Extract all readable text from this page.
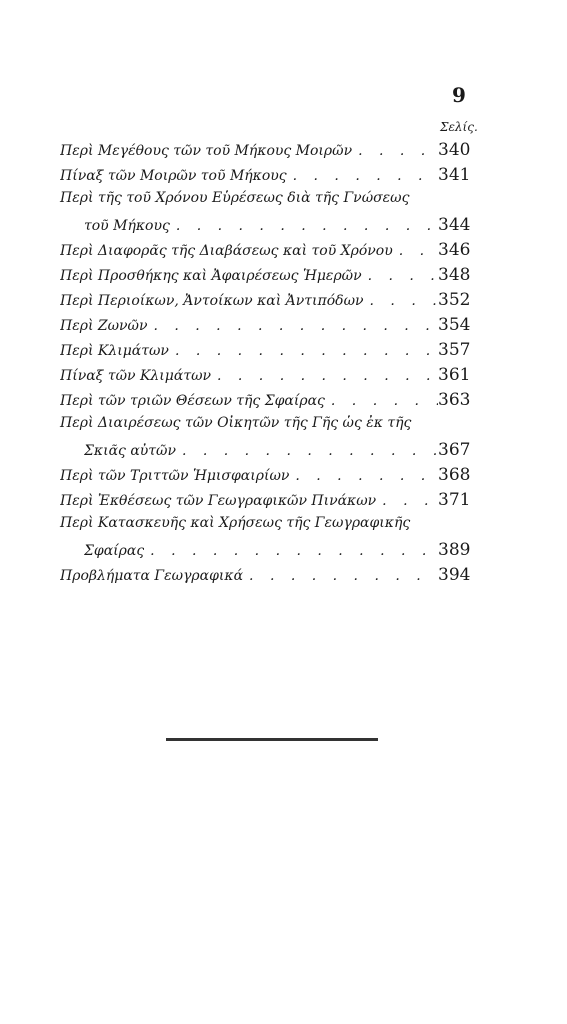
9
Σελίς.
Περὶ Μεγέθους τῶν τοῦ Μήκους Μοιρῶν . . .	340
Πίναξ τῶν Μοιρῶν τοῦ Μήκους . . .	341
Περὶ τῆς τοῦ Χρόνου Εὑρέσεως διὰ τῆς Γνώσεως
τοῦ Μήκους . . .	344
Περὶ Διαφορᾶς τῆς Διαβάσεως καὶ τοῦ Χρόνου . . .	346
Περὶ Προσθήκης καὶ Ἀφαιρέσεως Ἡμερῶν . . .	348
Περὶ Περιοίκων, Ἀντοίκων καὶ Ἀντιπόδων . . .	352
Περὶ Ζωνῶν . . .	354
Περὶ Κλιμάτων . . .	357
Πίναξ τῶν Κλιμάτων . . .	361
Περὶ τῶν τριῶν Θέσεων τῆς Σφαίρας . . .	363
Περὶ Διαιρέσεως τῶν Οἰκητῶν τῆς Γῆς ὡς ἐκ τῆς
Σκιᾶς αὐτῶν . . .	367
Περὶ τῶν Τριττῶν Ἡμισφαιρίων . . .	368
Περὶ Ἐκθέσεως τῶν Γεωγραφικῶν Πινάκων . . .	371
Περὶ Κατασκευῆς καὶ Χρήσεως τῆς Γεωγραφικῆς
Σφαίρας . . .	389
Προβλήματα Γεωγραφικά . . .	394
